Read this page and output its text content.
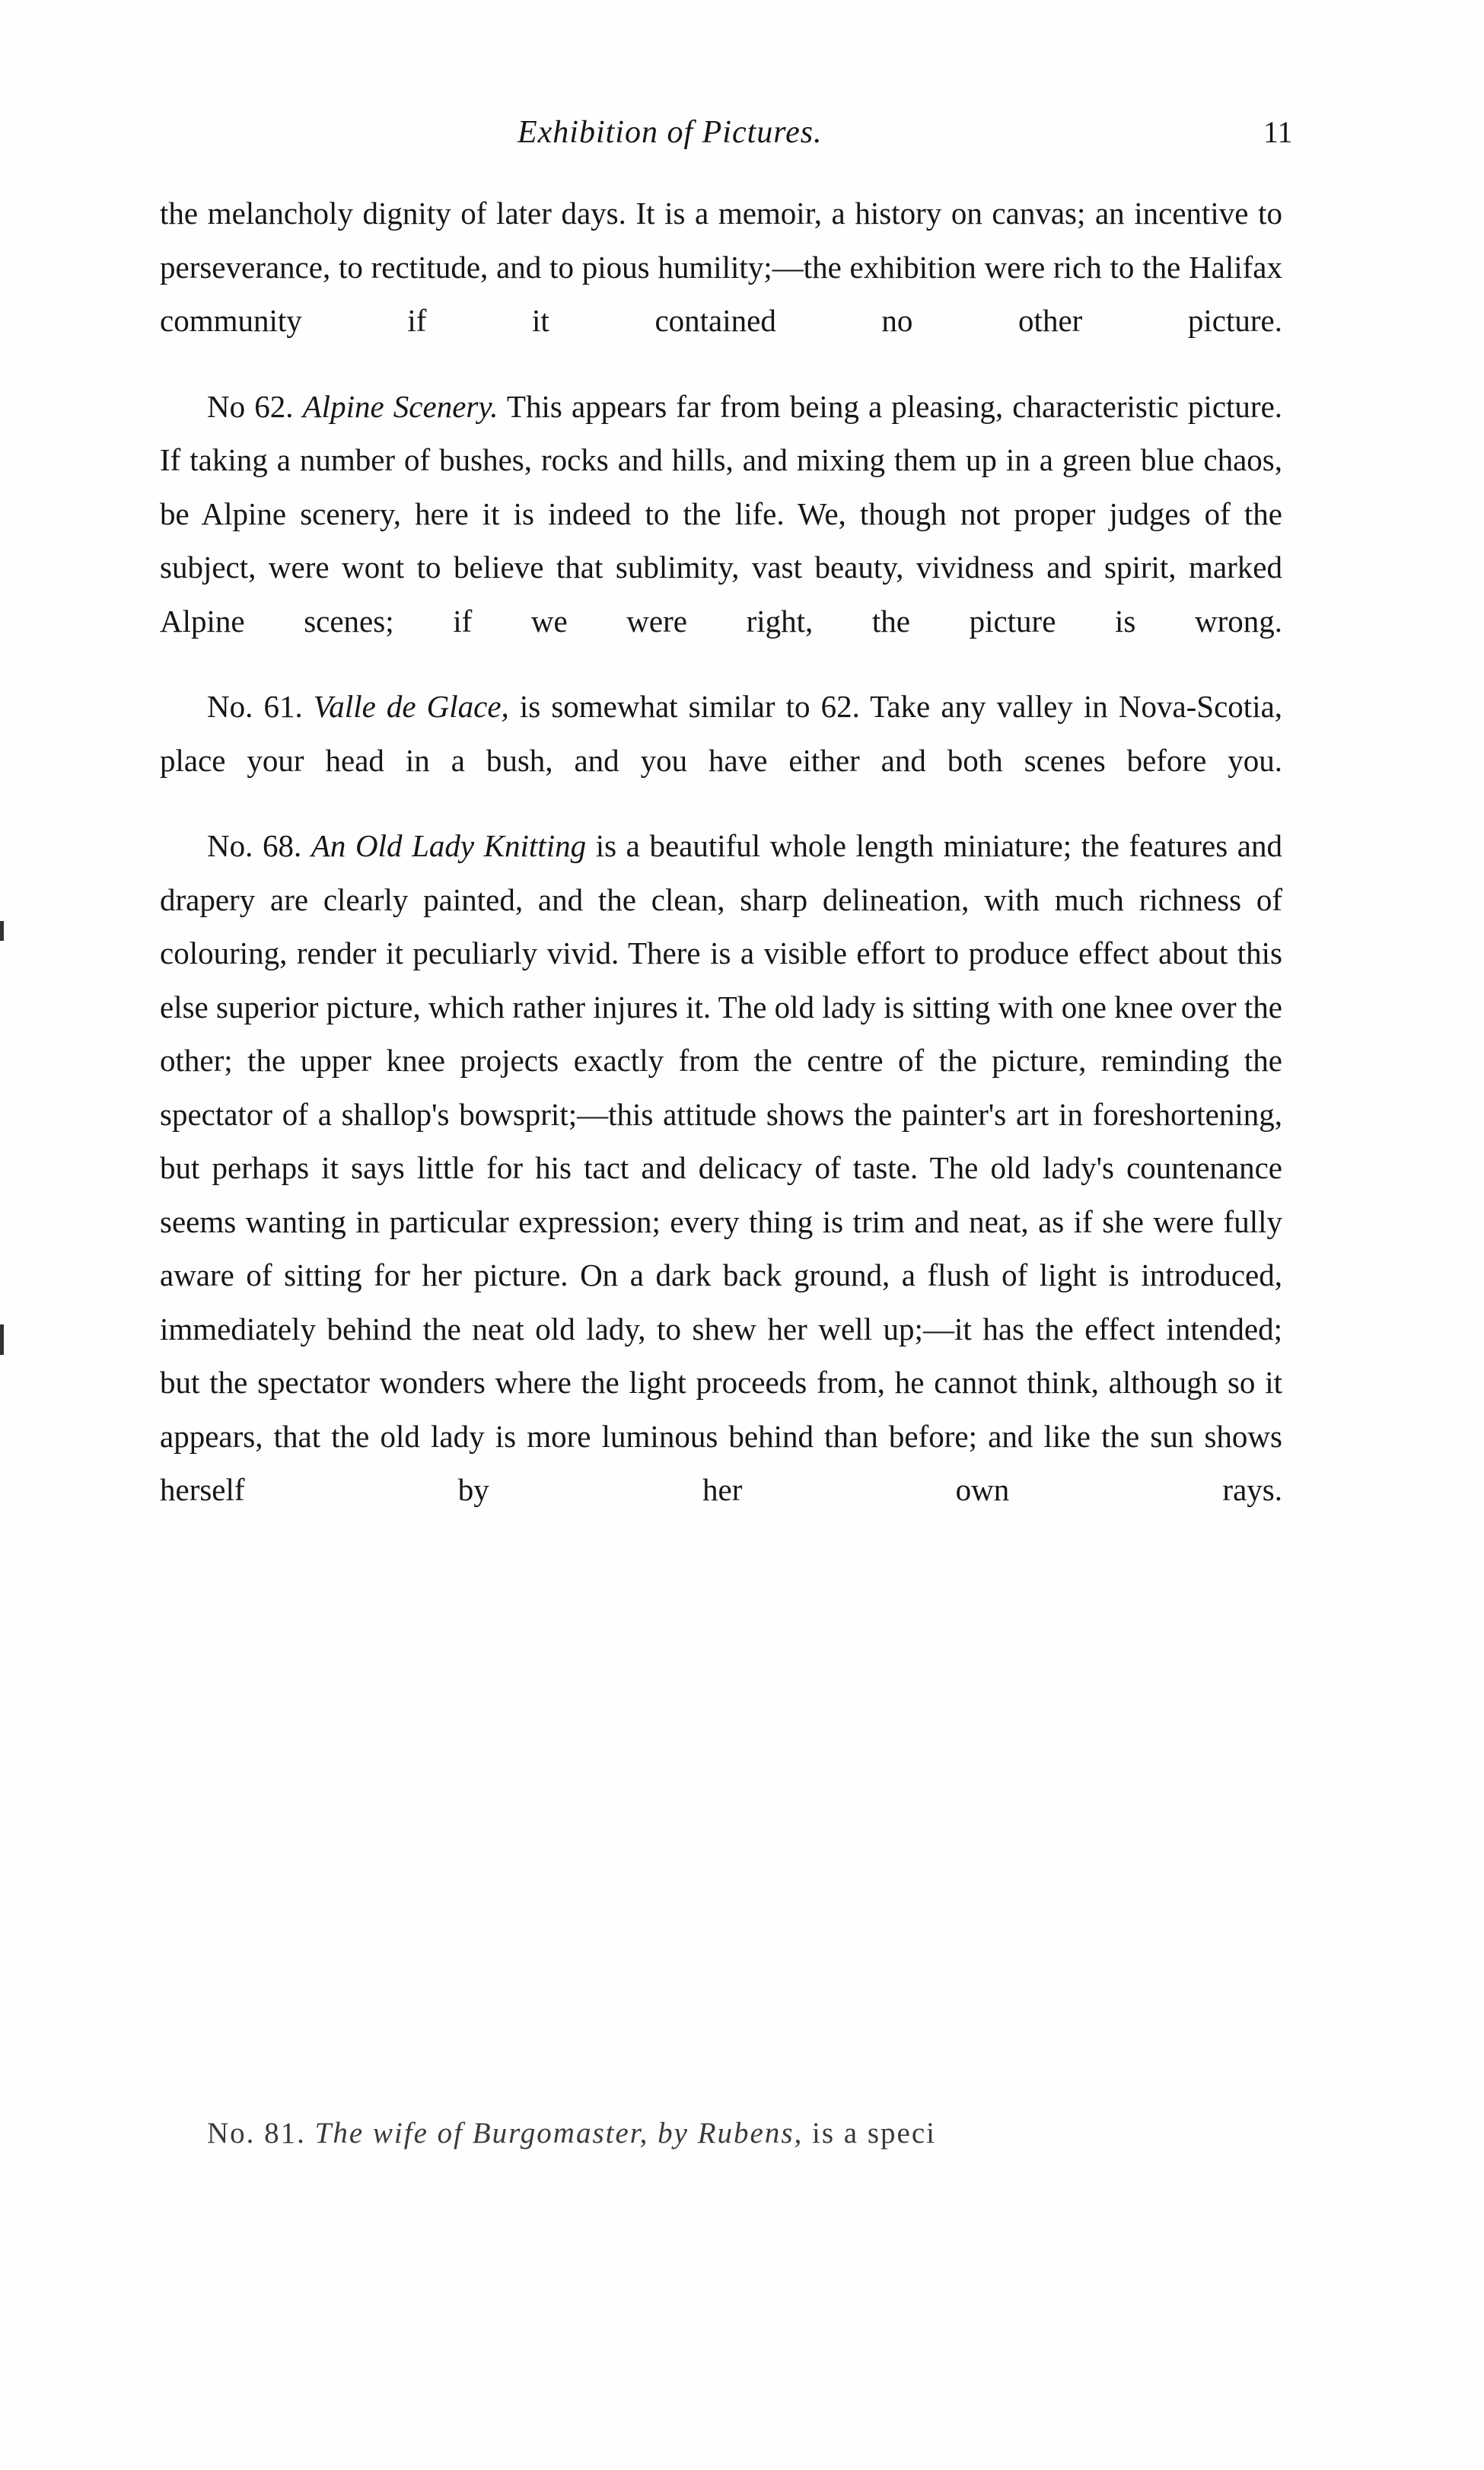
Exhibition of Pictures.	11

the melancholy dignity of later days. It is a memoir, a history on canvas; an incentive to perseverance, to rectitude, and to pious humility;—the exhibition were rich to the Halifax community if it contained no other picture.

No 62. Alpine Scenery. This appears far from being a pleasing, characteristic picture. If taking a number of bushes, rocks and hills, and mixing them up in a green blue chaos, be Alpine scenery, here it is indeed to the life. We, though not proper judges of the subject, were wont to believe that sublimity, vast beauty, vividness and spirit, marked Alpine scenes; if we were right, the picture is wrong.

No. 61. Valle de Glace, is somewhat similar to 62. Take any valley in Nova-Scotia, place your head in a bush, and you have either and both scenes before you.

No. 68. An Old Lady Knitting is a beautiful whole length miniature; the features and drapery are clearly painted, and the clean, sharp delineation, with much richness of colouring, render it peculiarly vivid. There is a visible effort to produce effect about this else superior picture, which rather injures it. The old lady is sitting with one knee over the other; the upper knee projects exactly from the centre of the picture, reminding the spectator of a shallop's bowsprit;—this attitude shows the painter's art in foreshortening, but perhaps it says little for his tact and delicacy of taste. The old lady's countenance seems wanting in particular expression; every thing is trim and neat, as if she were fully aware of sitting for her picture. On a dark back ground, a flush of light is introduced, immediately behind the neat old lady, to shew her well up;—it has the effect intended; but the spectator wonders where the light proceeds from, he cannot think, although so it appears, that the old lady is more luminous behind than before; and like the sun shows herself by her own rays.

No. 81. The wife of Burgomaster, by Rubens, is a speci
